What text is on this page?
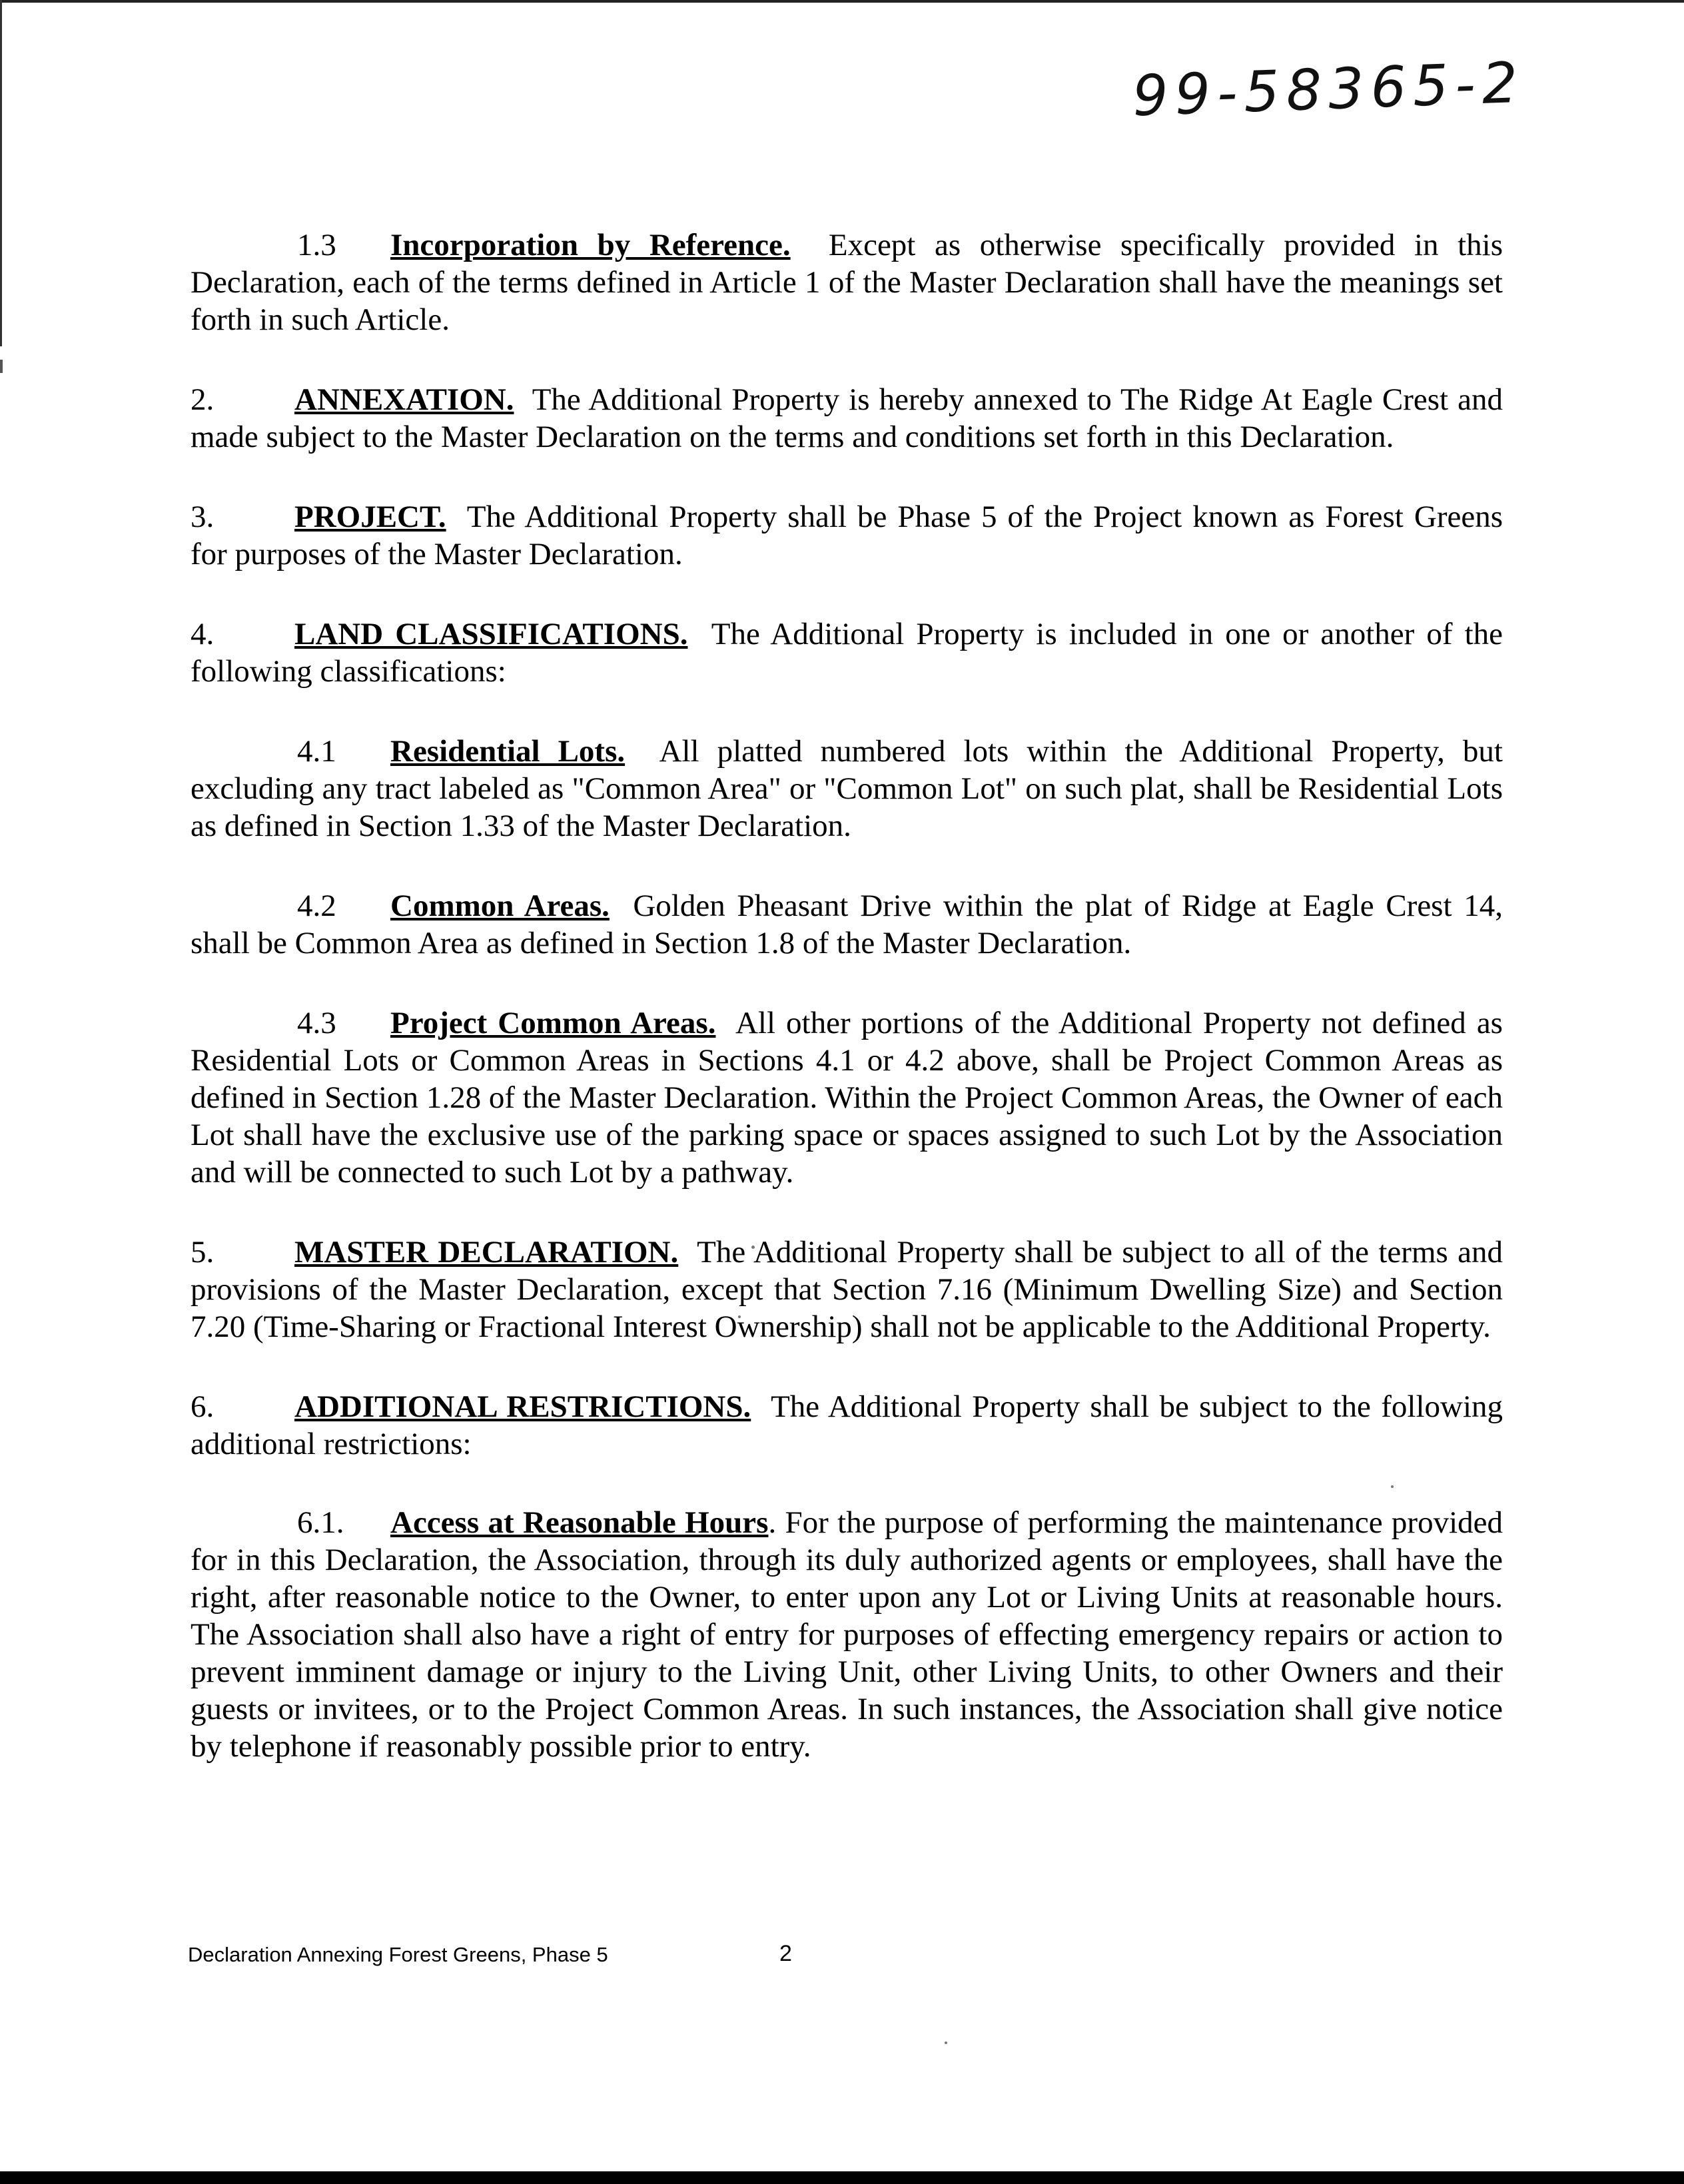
99-58365-2

1.3 Incorporation by Reference. Except as otherwise specifically provided in this Declaration, each of the terms defined in Article 1 of the Master Declaration shall have the meanings set forth in such Article.

2.	ANNEXATION. The Additional Property is hereby annexed to The Ridge At Eagle Crest and made subject to the Master Declaration on the terms and conditions set forth in this Declaration.

3.	PROJECT. The Additional Property shall be Phase 5 of the Project known as Forest Greens for purposes of the Master Declaration.

4.	LAND CLASSIFICATIONS. The Additional Property is included in one or another of the following classifications:

4.1 Residential Lots. All platted numbered lots within the Additional Property, but excluding any tract labeled as "Common Area" or "Common Lot" on such plat, shall be Residential Lots as defined in Section 1.33 of the Master Declaration.

4.2 Common Areas. Golden Pheasant Drive within the plat of Ridge at Eagle Crest 14, shall be Common Area as defined in Section 1.8 of the Master Declaration.

4.3 Project Common Areas. All other portions of the Additional Property not defined as Residential Lots or Common Areas in Sections 4.1 or 4.2 above, shall be Project Common Areas as defined in Section 1.28 of the Master Declaration. Within the Project Common Areas, the Owner of each Lot shall have the exclusive use of the parking space or spaces assigned to such Lot by the Association and will be connected to such Lot by a pathway.

5.	MASTER DECLARATION. The Additional Property shall be subject to all of the terms and provisions of the Master Declaration, except that Section 7.16 (Minimum Dwelling Size) and Section 7.20 (Time-Sharing or Fractional Interest Ownership) shall not be applicable to the Additional Property.

6.	ADDITIONAL RESTRICTIONS. The Additional Property shall be subject to the following additional restrictions:

6.1. Access at Reasonable Hours. For the purpose of performing the maintenance provided for in this Declaration, the Association, through its duly authorized agents or employees, shall have the right, after reasonable notice to the Owner, to enter upon any Lot or Living Units at reasonable hours. The Association shall also have a right of entry for purposes of effecting emergency repairs or action to prevent imminent damage or injury to the Living Unit, other Living Units, to other Owners and their guests or invitees, or to the Project Common Areas. In such instances, the Association shall give notice by telephone if reasonably possible prior to entry.

Declaration Annexing Forest Greens, Phase 5	2
